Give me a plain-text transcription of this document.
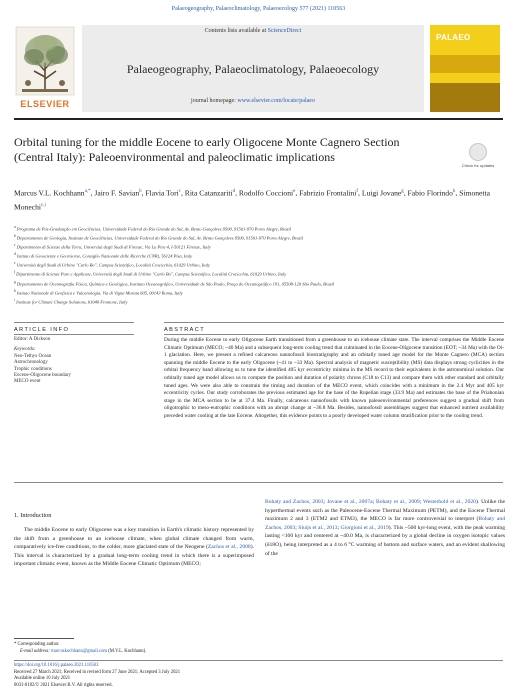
Palaeogeography, Palaeoclimatology, Palaeoecology 577 (2021) 110563
ELSEVIER
Contents lists available at ScienceDirect
Palaeogeography, Palaeoclimatology, Palaeoecology
journal homepage: www.elsevier.com/locate/palaeo
PALAEO
Orbital tuning for the middle Eocene to early Oligocene Monte Cagnero Section (Central Italy): Paleoenvironmental and paleoclimatic implications
Check for updates
Marcus V.L. Kochhann$^{a,*}$, Jairo F. Savian$^b$, Flavia Tori$^c$, Rita Catanzariti$^d$, Rodolfo Coccioni$^e$, Fabrizio Frontalini$^f$, Luigi Jovane$^g$, Fabio Florindo$^h$, Simonetta Monechi$^{c,i}$
$^a$ Programa de Pós-Graduação em Geociências, Universidade Federal do Rio Grande do Sul, Av. Bento Gonçalves 9500, 91501-970 Porto Alegre, Brazil
$^b$ Departamento de Geologia, Instituto de Geociências, Universidade Federal do Rio Grande do Sul, Av. Bento Gonçalves 9500, 91501-970 Porto Alegre, Brazil
$^c$ Dipartimento di Scienze della Terra, Università degli Studi di Firenze, Via La Pira 4, I-50121 Firenze, Italy
$^d$ Istituto di Geoscienze e Georisorse, Consiglio Nazionale delle Ricerche (CNR), 56124 Pisa, Italy
$^e$ Università degli Studi di Urbino "Carlo Bo", Campus Scientifico, Località Crocicchia, 61029 Urbino, Italy
$^f$ Dipartimento di Scienze Pure e Applicate, Università degli Studi di Urbino "Carlo Bo", Campus Scientifico, Località Crocicchia, 61029 Urbino, Italy
$^g$ Departamento de Oceanografia Física, Química e Geológica, Instituto Oceanográfico, Universidade de São Paulo, Praça do Oceanográfico 191, 05508-120 São Paulo, Brazil
$^h$ Istituto Nazionale di Geofisica e Vulcanologia, Via di Vigna Murata 605, 00143 Roma, Italy
$^i$ Institute for Climate Change Solutions, 61040 Frontone, Italy
ARTICLE INFO	ABSTRACT
Editor: A Dickson
Keywords:
Neo-Tethys Ocean
Astrochronology
Trophic conditions
Eocene-Oligocene boundary
MECO event
During the middle Eocene to early Oligocene Earth transitioned from a greenhouse to an icehouse climate state. The interval comprises the Middle Eocene Climatic Optimum (MECO; ~40 Ma) and a subsequent long-term cooling trend that culminated in the Eocene-Oligocene transition (EOT; ~34 Ma) with the Oi-1 glaciation. Here, we present a refined calcareous nannofossil biostratigraphy and an orbitally tuned age model for the Monte Cagnero (MCA) section spanning the middle Eocene to the early Oligocene (~41 to ~33 Ma). Spectral analysis of magnetic susceptibility (MS) data displays strong cyclicities in the orbital frequency band allowing us to tune the identified 405 kyr eccentricity minima in the MS record to their equivalents in the astronomical solution. Our orbitally tuned age model allows us to compute the position and duration of polarity chrons (C18 to C13) and compare them with other standard and orbitally tuned ages. We were also able to constrain the timing and duration of the MECO event, which coincides with a minimum in the 2.4 Myr and 405 kyr eccentricity cycles. Our study corroborates the previous estimated age for the base of the Rupelian stage (33.9 Ma) and estimates the base of the Priabonian stage in the MCA section to be at 37.4 Ma. Finally, calcareous nannofossils with known paleoenvironmental preferences suggest a gradual shift from oligotrophic to meso-eutrophic conditions with an abrupt change at ~36.8 Ma. Besides, nannofossil assemblages suggest that enhanced nutrient availability preceded water cooling at the late Eocene. Altogether, this evidence points to a poorly developed water column stratification prior to the cooling trend.
1. Introduction
The middle Eocene to early Oligocene was a key transition in Earth's climatic history represented by the shift from a greenhouse to an icehouse climate, when global climate changed from warm, comparatively ice-free conditions, to the colder, more glaciated state of the Neogene (Zachos et al., 2008). This interval is characterized by a gradual long-term cooling trend in which there is a superimposed important climatic event, known as the Middle Eocene Climatic Optimum (MECO;
Bohaty and Zachos, 2003; Jovane et al., 2007a; Bohaty et al., 2009; Westerhold et al., 2020). Unlike the hyperthermal events such as the Paleocene-Eocene Thermal Maximum (PETM), and the Eocene Thermal maximum 2 and 3 (ETM2 and ETM3), the MECO is far more controversial to interpret (Bohaty and Zachos, 2003; Sluijs et al., 2013; Giorgioni et al., 2019). This ~500 kyr-long event, with the peak warming lasting <100 kyr and centered at ~40.0 Ma, is characterized by a global decline in oxygen isotopic values (δ18O), being interpreted as a 4 to 6 °C warming of bottom and surface waters, and an evident shallowing of the
* Corresponding author.
E-mail address: marcuskochhann@gmail.com (M.V.L. Kochhann).
https://doi.org/10.1016/j.palaeo.2021.110563
Received 27 March 2021; Received in revised form 27 June 2021; Accepted 3 July 2021
Available online 10 July 2021
0031-0182/© 2021 Elsevier B.V. All rights reserved.
